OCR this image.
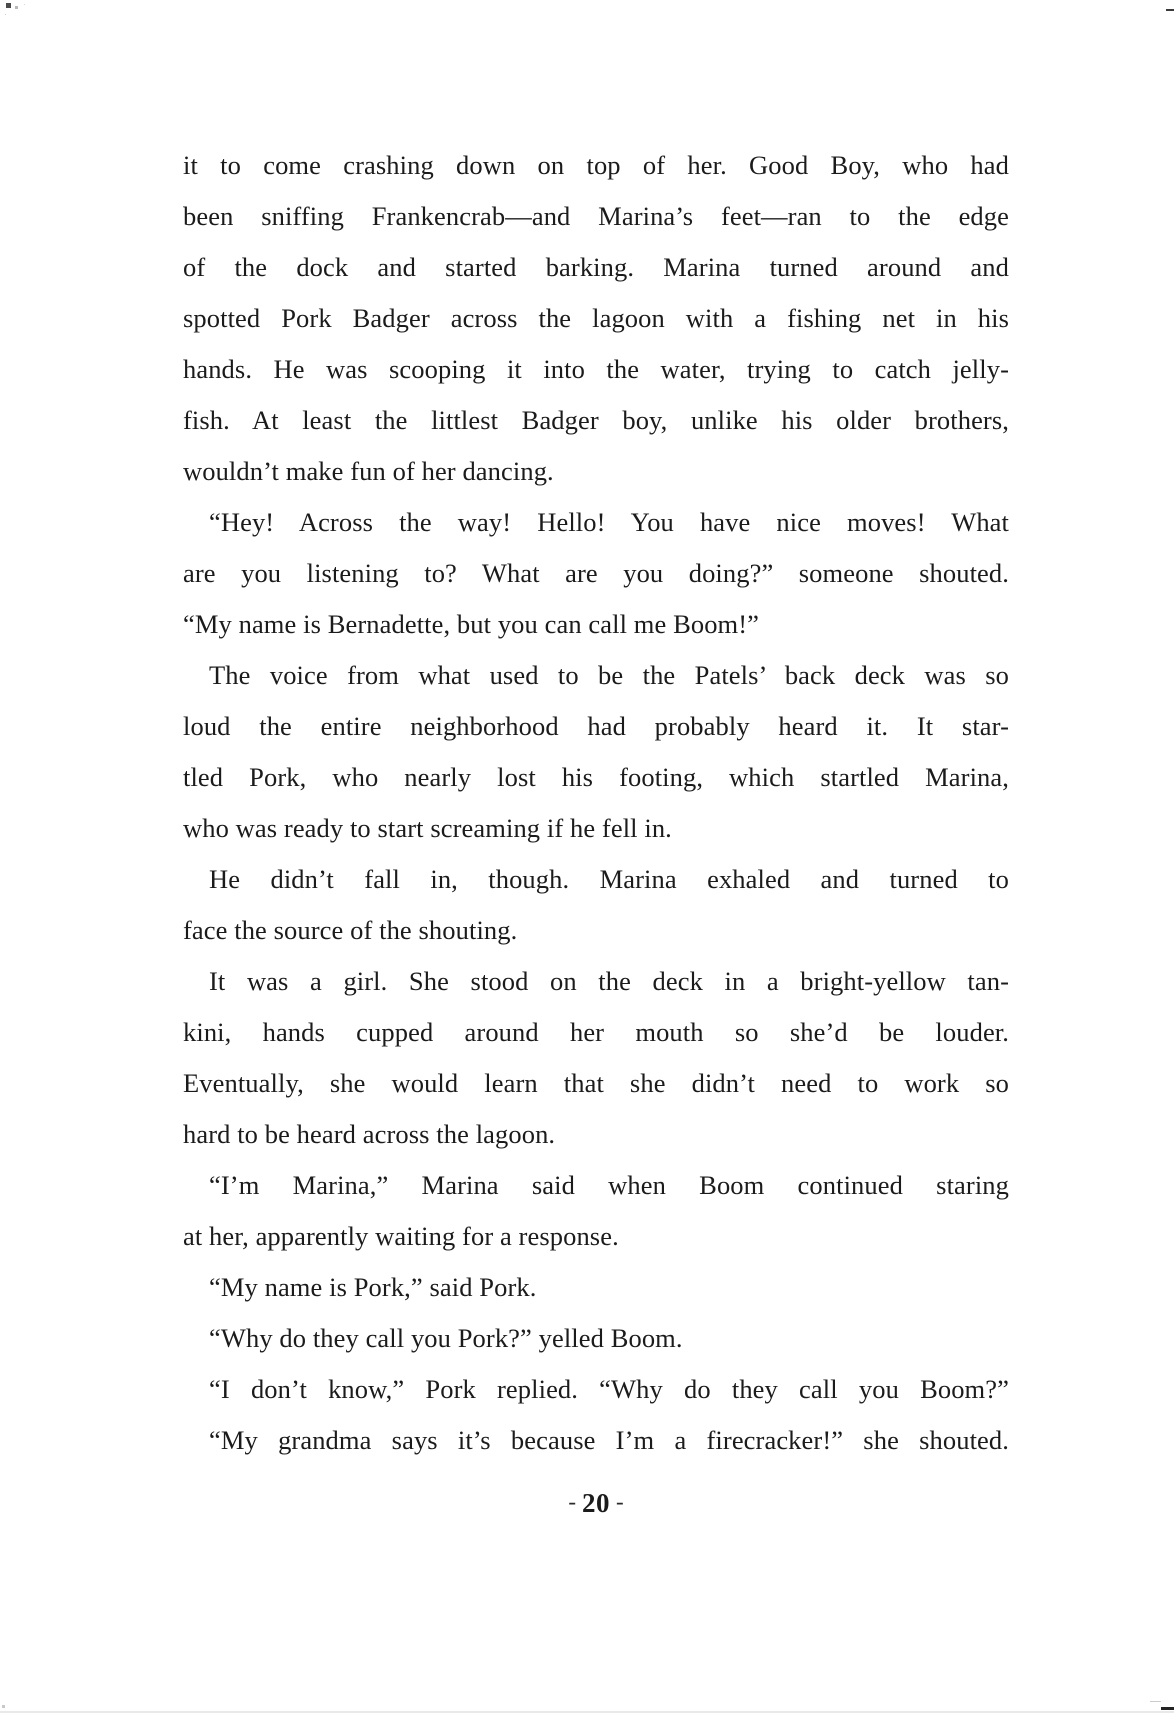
it to come crashing down on top of her. Good Boy, who had
been sniffing Frankencrab—and Marina’s feet—ran to the edge
of the dock and started barking. Marina turned around and
spotted Pork Badger across the lagoon with a fishing net in his
hands. He was scooping it into the water, trying to catch jelly-
fish. At least the littlest Badger boy, unlike his older brothers,
wouldn’t make fun of her dancing.
“Hey! Across the way! Hello! You have nice moves! What
are you listening to? What are you doing?” someone shouted.
“My name is Bernadette, but you can call me Boom!”
The voice from what used to be the Patels’ back deck was so
loud the entire neighborhood had probably heard it. It star-
tled Pork, who nearly lost his footing, which startled Marina,
who was ready to start screaming if he fell in.
He didn’t fall in, though. Marina exhaled and turned to
face the source of the shouting.
It was a girl. She stood on the deck in a bright-yellow tan-
kini, hands cupped around her mouth so she’d be louder.
Eventually, she would learn that she didn’t need to work so
hard to be heard across the lagoon.
“I’m Marina,” Marina said when Boom continued staring
at her, apparently waiting for a response.
“My name is Pork,” said Pork.
“Why do they call you Pork?” yelled Boom.
“I don’t know,” Pork replied. “Why do they call you Boom?”
“My grandma says it’s because I’m a firecracker!” she shouted.
- 20 -
